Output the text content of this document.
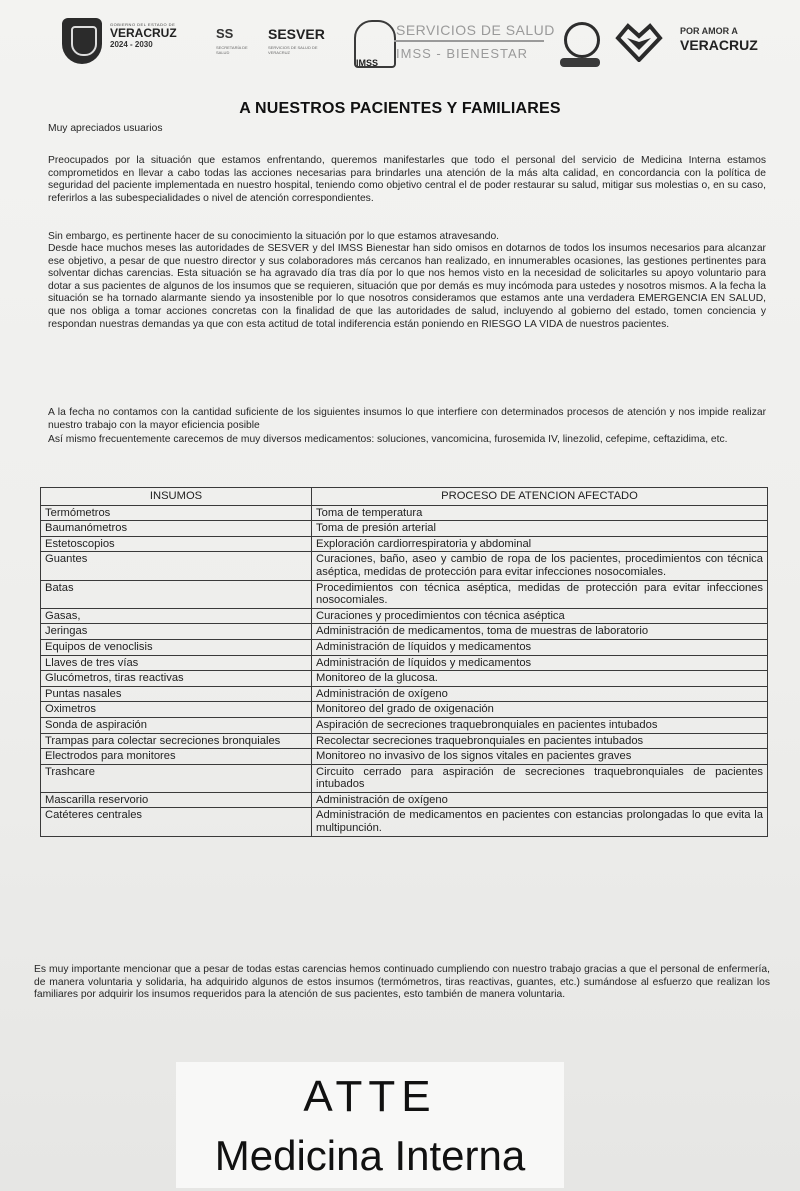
GOBIERNO DEL ESTADO DE
VERACRUZ
2024 - 2030
SS
SECRETARÍA DE SALUD
SESVER
SERVICIOS DE SALUD DE VERACRUZ
IMSS
SERVICIOS DE SALUD
IMSS - BIENESTAR
POR AMOR A
VERACRUZ
A NUESTROS PACIENTES Y FAMILIARES
Muy apreciados usuarios
Preocupados por la situación que estamos enfrentando, queremos manifestarles que todo el personal del servicio de Medicina Interna estamos comprometidos en llevar a cabo todas las acciones necesarias para brindarles una atención de la más alta calidad, en concordancia con la política de seguridad del paciente implementada en nuestro hospital, teniendo como objetivo central el de poder restaurar su salud, mitigar sus molestias o, en su caso, referirlos a las subespecialidades o nivel de atención correspondientes.
Sin embargo, es pertinente hacer de su conocimiento la situación por lo que estamos atravesando.
Desde hace muchos meses las autoridades de SESVER y del IMSS Bienestar han sido omisos en dotarnos de todos los insumos necesarios para alcanzar ese objetivo, a pesar de que nuestro director y sus colaboradores más cercanos han realizado, en innumerables ocasiones, las gestiones pertinentes para solventar dichas carencias. Esta situación se ha agravado día tras día por lo que nos hemos visto en la necesidad de solicitarles su apoyo voluntario para dotar a sus pacientes de algunos de los insumos que se requieren, situación que por demás es muy incómoda para ustedes y nosotros mismos. A la fecha la situación se ha tornado alarmante siendo ya insostenible por lo que nosotros consideramos que estamos ante una verdadera EMERGENCIA EN SALUD, que nos obliga a tomar acciones concretas con la finalidad de que las autoridades de salud, incluyendo al gobierno del estado, tomen conciencia y respondan nuestras demandas ya que con esta actitud de total indiferencia están poniendo en RIESGO LA VIDA de nuestros pacientes.
A la fecha no contamos con la cantidad suficiente de los siguientes insumos lo que interfiere con determinados procesos de atención y nos impide realizar nuestro trabajo con la mayor eficiencia posible
Así mismo frecuentemente carecemos de muy diversos medicamentos: soluciones, vancomicina, furosemida IV, linezolid, cefepime, ceftazidima, etc.
INSUMOS	PROCESO DE ATENCION AFECTADO
Termómetros	Toma de temperatura
Baumanómetros	Toma de presión arterial
Estetoscopios	Exploración cardiorrespiratoria y abdominal
Guantes	Curaciones, baño, aseo y cambio de ropa de los pacientes, procedimientos con técnica aséptica, medidas de protección para evitar infecciones nosocomiales.
Batas	Procedimientos con técnica aséptica, medidas de protección para evitar infecciones nosocomiales.
Gasas,	Curaciones y procedimientos con técnica aséptica
Jeringas	Administración de medicamentos, toma de muestras de laboratorio
Equipos de venoclisis	Administración de líquidos y medicamentos
Llaves de tres vías	Administración de líquidos y medicamentos
Glucómetros, tiras reactivas	Monitoreo de la glucosa.
Puntas nasales	Administración de oxígeno
Oximetros	Monitoreo del grado de oxigenación
Sonda de aspiración	Aspiración de secreciones traquebronquiales en pacientes intubados
Trampas para colectar secreciones bronquiales	Recolectar secreciones traquebronquiales en pacientes intubados
Electrodos para monitores	Monitoreo no invasivo de los signos vitales en pacientes graves
Trashcare	Circuito cerrado para aspiración de secreciones traquebronquiales de pacientes intubados
Mascarilla reservorio	Administración de oxígeno
Catéteres centrales	Administración de medicamentos en pacientes con estancias prolongadas lo que evita la multipunción.
Es muy importante mencionar que a pesar de todas estas carencias hemos continuado cumpliendo con nuestro trabajo gracias a que el personal de enfermería, de manera voluntaria y solidaria, ha adquirido algunos de estos insumos (termómetros, tiras reactivas, guantes, etc.) sumándose al esfuerzo que realizan los familiares por adquirir los insumos requeridos para la atención de sus pacientes, esto también de manera voluntaria.
ATTE
Medicina Interna
